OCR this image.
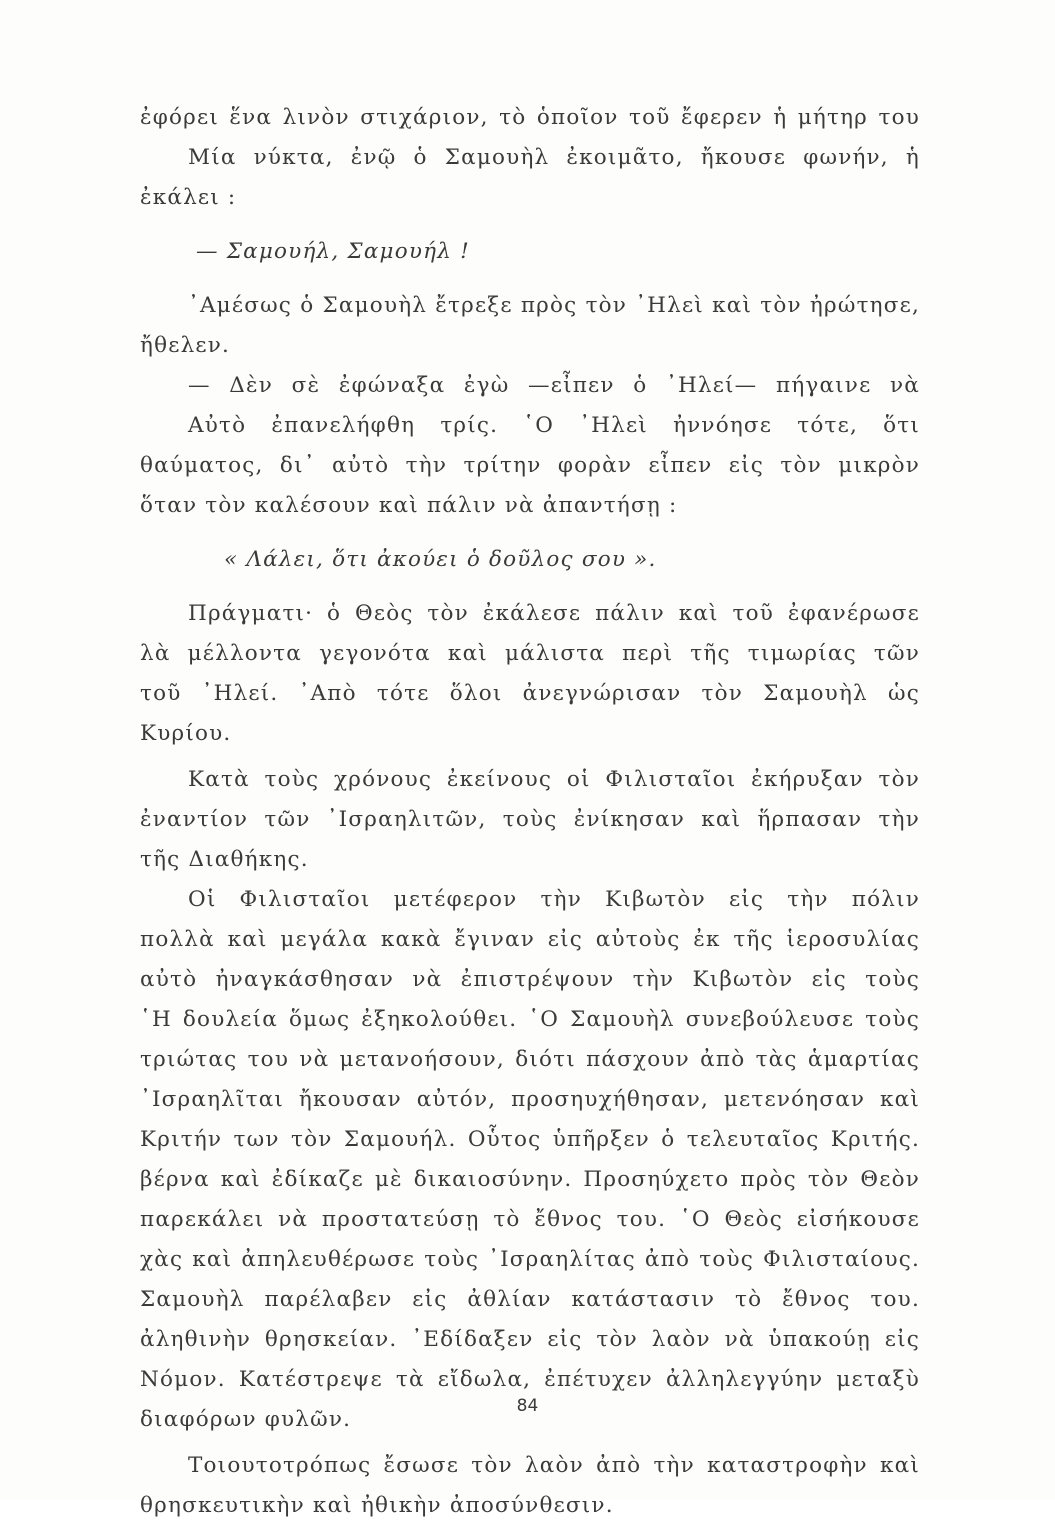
ἐφόρει ἕνα λινὸν στιχάριον, τὸ ὁποῖον τοῦ ἔφερεν ἡ μήτηρ του
Μία νύκτα, ἐνῷ ὁ Σαμουὴλ ἐκοιμᾶτο, ἤκουσε φωνήν, ἡ
ἐκάλει :
— Σαμουήλ, Σαμουήλ !
᾿Αμέσως ὁ Σαμουὴλ ἔτρεξε πρὸς τὸν ᾿Ηλεὶ καὶ τὸν ἠρώτησε,
ἤθελεν.
— Δὲν σὲ ἐφώναξα ἐγὼ —εἶπεν ὁ ᾿Ηλεί— πήγαινε νὰ
Αὐτὸ ἐπανελήφθη τρίς. ῾Ο ᾿Ηλεὶ ἠννόησε τότε, ὅτι
θαύματος, δι᾽ αὐτὸ τὴν τρίτην φορὰν εἶπεν εἰς τὸν μικρὸν
ὅταν τὸν καλέσουν καὶ πάλιν νὰ ἀπαντήσῃ :
« Λάλει, ὅτι ἀκούει ὁ δοῦλος σου ».
Πράγματι· ὁ Θεὸς τὸν ἐκάλεσε πάλιν καὶ τοῦ ἐφανέρωσε
λὰ μέλλοντα γεγονότα καὶ μάλιστα περὶ τῆς τιμωρίας τῶν
τοῦ ᾿Ηλεί. ᾿Απὸ τότε ὅλοι ἀνεγνώρισαν τὸν Σαμουὴλ ὡς
Κυρίου.
Κατὰ τοὺς χρόνους ἐκείνους οἱ Φιλισταῖοι ἐκήρυξαν τὸν
ἐναντίον τῶν ᾿Ισραηλιτῶν, τοὺς ἐνίκησαν καὶ ἥρπασαν τὴν
τῆς Διαθήκης.
Οἱ Φιλισταῖοι μετέφερον τὴν Κιβωτὸν εἰς τὴν πόλιν
πολλὰ καὶ μεγάλα κακὰ ἔγιναν εἰς αὐτοὺς ἐκ τῆς ἱεροσυλίας
αὐτὸ ἠναγκάσθησαν νὰ ἐπιστρέψουν τὴν Κιβωτὸν εἰς τοὺς
῾Η δουλεία ὅμως ἐξηκολούθει. ῾Ο Σαμουὴλ συνεβούλευσε τοὺς
τριώτας του νὰ μετανοήσουν, διότι πάσχουν ἀπὸ τὰς ἁμαρτίας
᾿Ισραηλῖται ἤκουσαν αὐτόν, προσηυχήθησαν, μετενόησαν καὶ
Κριτήν των τὸν Σαμουήλ. Οὗτος ὑπῆρξεν ὁ τελευταῖος Κριτής.
βέρνα καὶ ἐδίκαζε μὲ δικαιοσύνην. Προσηύχετο πρὸς τὸν Θεὸν
παρεκάλει νὰ προστατεύσῃ τὸ ἔθνος του. ῾Ο Θεὸς εἰσήκουσε
χὰς καὶ ἀπηλευθέρωσε τοὺς ᾿Ισραηλίτας ἀπὸ τοὺς Φιλισταίους.
Σαμουὴλ παρέλαβεν εἰς ἀθλίαν κατάστασιν τὸ ἔθνος του.
ἀληθινὴν θρησκείαν. ᾿Εδίδαξεν εἰς τὸν λαὸν νὰ ὑπακούῃ εἰς
Νόμον. Κατέστρεψε τὰ εἴδωλα, ἐπέτυχεν ἀλληλεγγύην μεταξὺ
διαφόρων φυλῶν.
Τοιουτοτρόπως ἔσωσε τὸν λαὸν ἀπὸ τὴν καταστροφὴν καὶ
θρησκευτικὴν καὶ ἠθικὴν ἀποσύνθεσιν.
84
